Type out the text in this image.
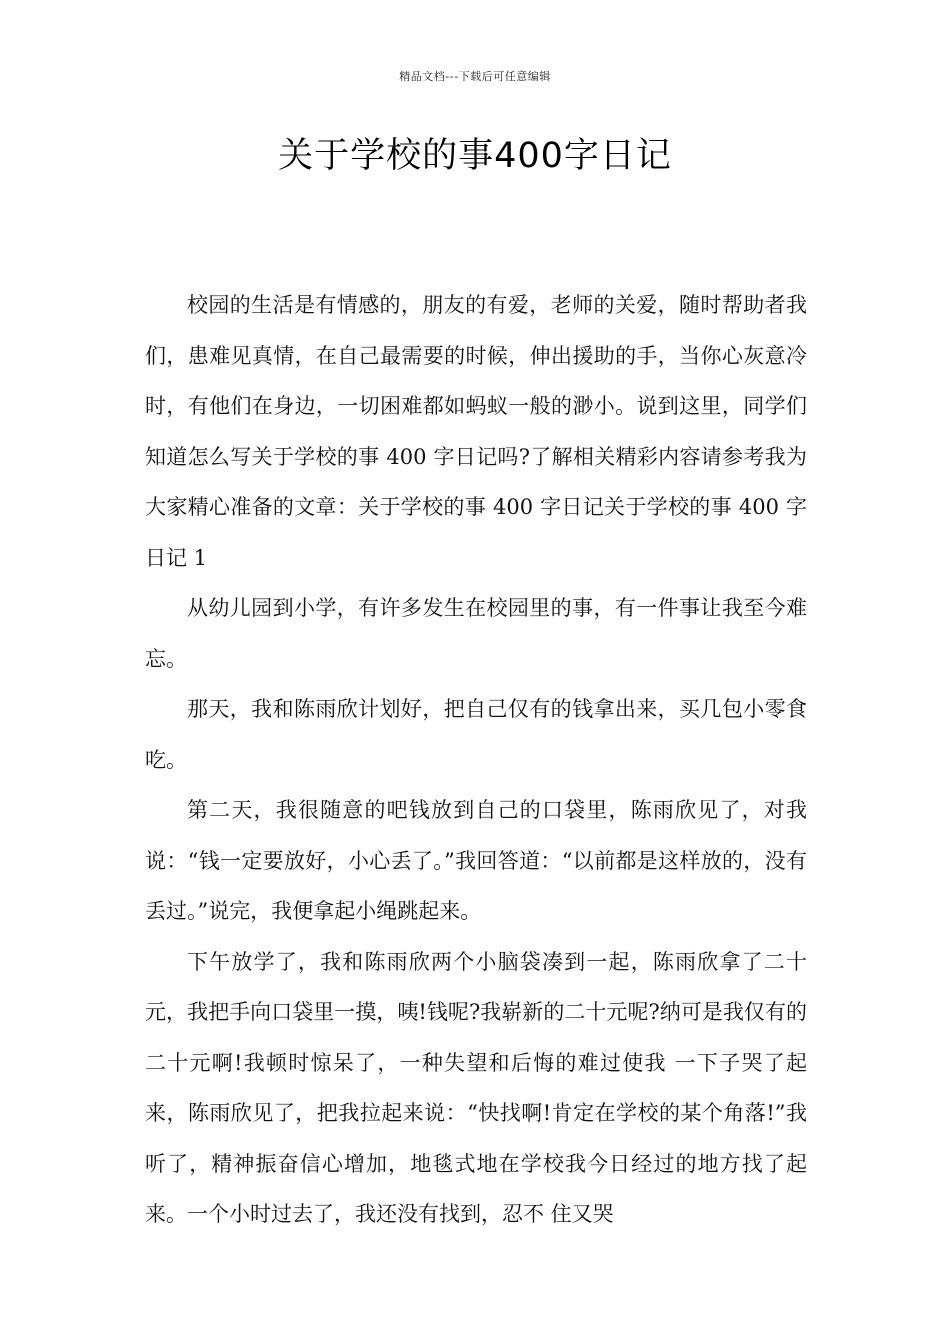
精品文档---下载后可任意编辑
关于学校的事400字日记

校园的生活是有情感的，朋友的有爱，老师的关爱，随时帮助者我们，患难见真情，在自己最需要的时候，伸出援助的手，当你心灰意冷时，有他们在身边，一切困难都如蚂蚁一般的渺小。说到这里，同学们知道怎么写关于学校的事 400 字日记吗?了解相关精彩内容请参考我为大家精心准备的文章：关于学校的事 400 字日记关于学校的事 400 字日记 1

从幼儿园到小学，有许多发生在校园里的事，有一件事让我至今难忘。

那天，我和陈雨欣计划好，把自己仅有的钱拿出来，买几包小零食吃。

第二天，我很随意的吧钱放到自己的口袋里，陈雨欣见了，对我说：“钱一定要放好，小心丢了。”我回答道：“以前都是这样放的，没有丢过。”说完，我便拿起小绳跳起来。

下午放学了，我和陈雨欣两个小脑袋凑到一起，陈雨欣拿了二十元，我把手向口袋里一摸，咦!钱呢?我崭新的二十元呢?纳可是我仅有的二十元啊!我顿时惊呆了，一种失望和后悔的难过使我 一下子哭了起来，陈雨欣见了，把我拉起来说：“快找啊!肯定在学校的某个角落!”我听了，精神振奋信心增加，地毯式地在学校我今日经过的地方找了起来。一个小时过去了，我还没有找到，忍不 住又哭
